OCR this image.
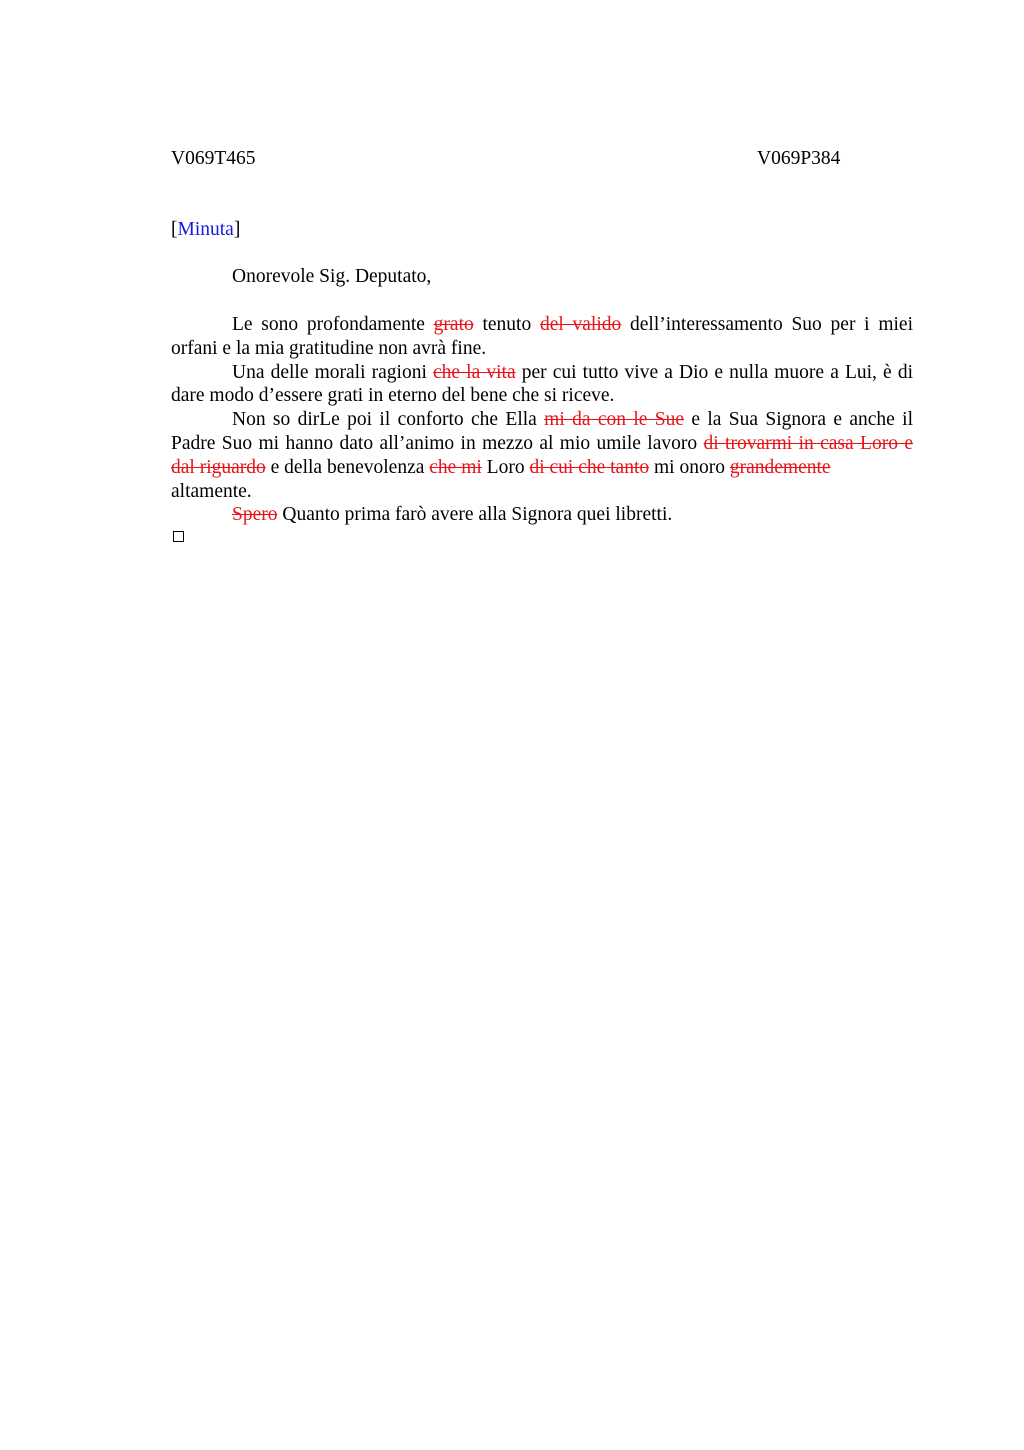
V069T465	V069P384
[Minuta]
Onorevole Sig. Deputato,

Le sono profondamente grato tenuto del valido dell’interessamento Suo per i miei orfani e la mia gratitudine non avrà fine.

Una delle morali ragioni che la vita per cui tutto vive a Dio e nulla muore a Lui, è di dare modo d’essere grati in eterno del bene che si riceve.

Non so dirLe poi il conforto che Ella mi da con le Sue e la Sua Signora e anche il Padre Suo mi hanno dato all’animo in mezzo al mio umile lavoro di trovarmi in casa Loro e dal riguardo e della benevolenza che mi Loro di cui che tanto mi onoro grandemente
altamente.

Spero Quanto prima farò avere alla Signora quei libretti.
